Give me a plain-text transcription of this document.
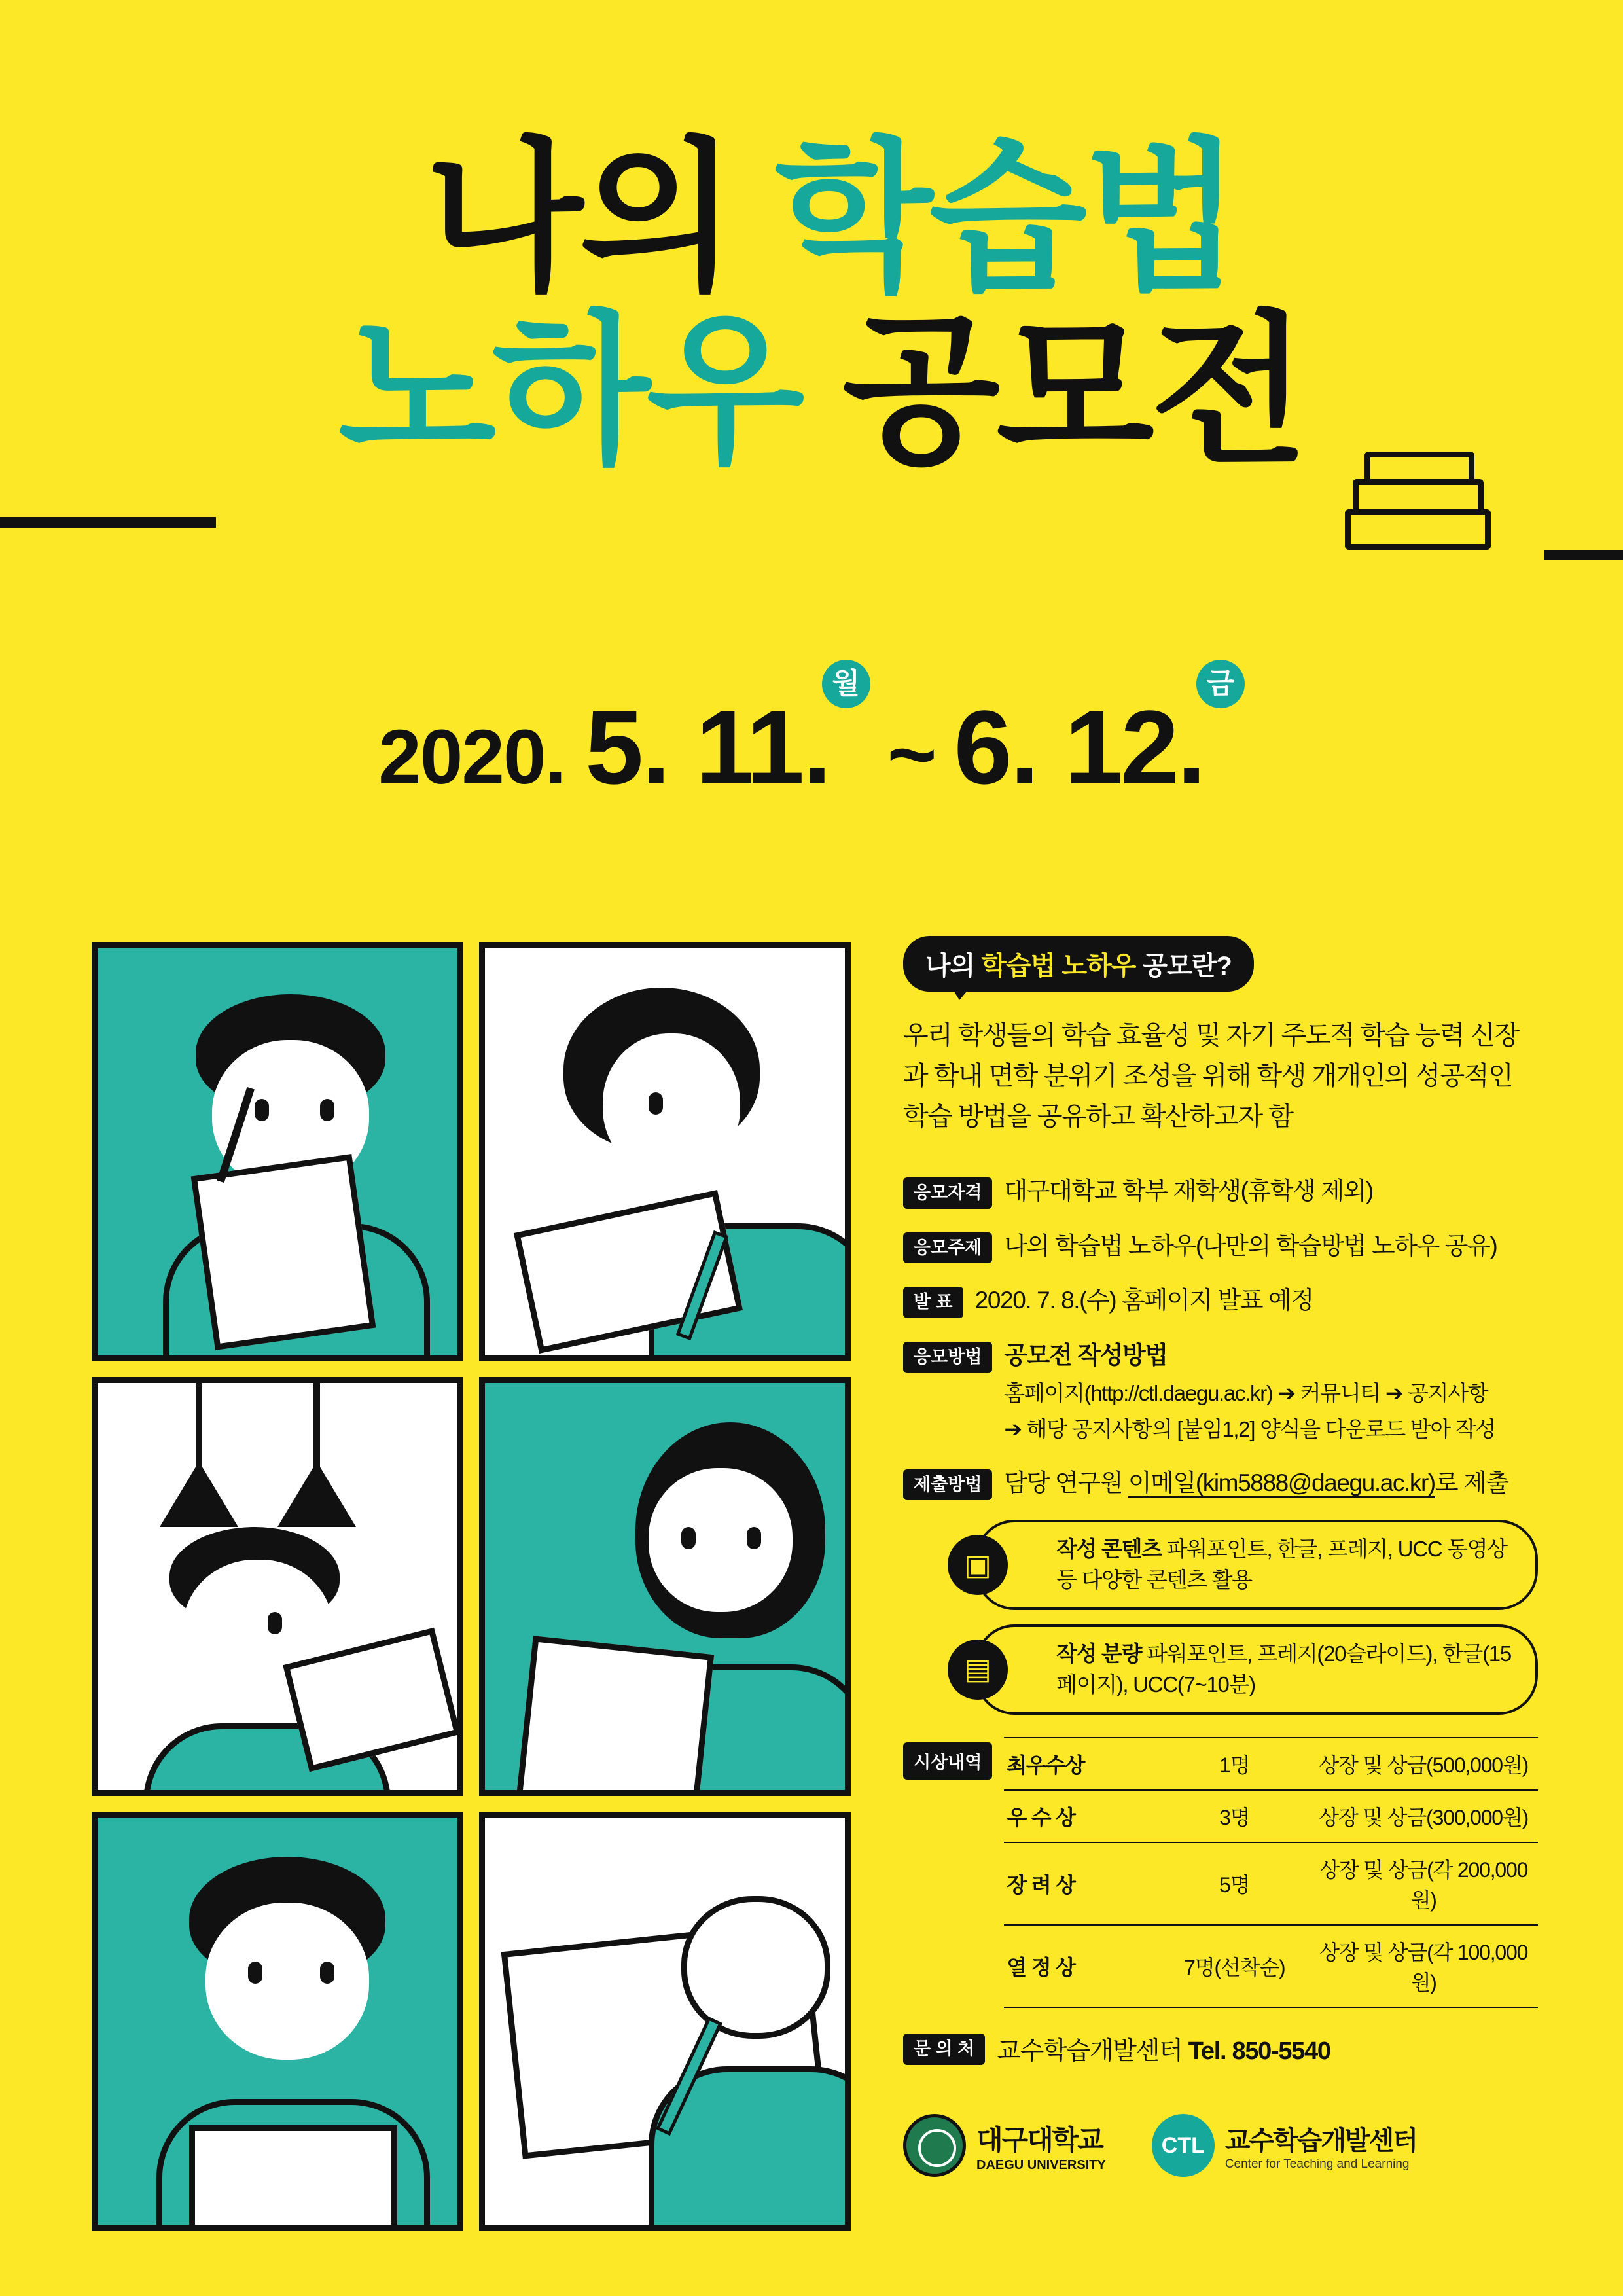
나의 학습법
노하우 공모전
2020. 5. 11.월~ 6. 12.금
나의 학습법 노하우 공모란?
우리 학생들의 학습 효율성 및 자기 주도적 학습 능력 신장과 학내 면학 분위기 조성을 위해 학생 개개인의 성공적인 학습 방법을 공유하고 확산하고자 함
응모자격 대구대학교 학부 재학생(휴학생 제외)
응모주제 나의 학습법 노하우(나만의 학습방법 노하우 공유)
발 표 2020. 7. 8.(수) 홈페이지 발표 예정
응모방법 공모전 작성방법
홈페이지(http://ctl.daegu.ac.kr) ➔ 커뮤니티 ➔ 공지사항
➔ 해당 공지사항의 [붙임1,2] 양식을 다운로드 받아 작성
제출방법 담당 연구원 이메일(kim5888@daegu.ac.kr)로 제출
▣	작성 콘텐츠 파워포인트, 한글, 프레지, UCC 동영상 등 다양한 콘텐츠 활용
▤	작성 분량 파워포인트, 프레지(20슬라이드), 한글(15페이지), UCC(7~10분)
시상내역	최우수상	1명	상장 및 상금(500,000원)
우 수 상	3명	상장 및 상금(300,000원)
장 려 상	5명	상장 및 상금(각 200,000원)
열 정 상	7명(선착순)	상장 및 상금(각 100,000원)
문 의 처 교수학습개발센터 Tel. 850-5540
대구대학교
DAEGU UNIVERSITY
CTL 교수학습개발센터
Center for Teaching and Learning
